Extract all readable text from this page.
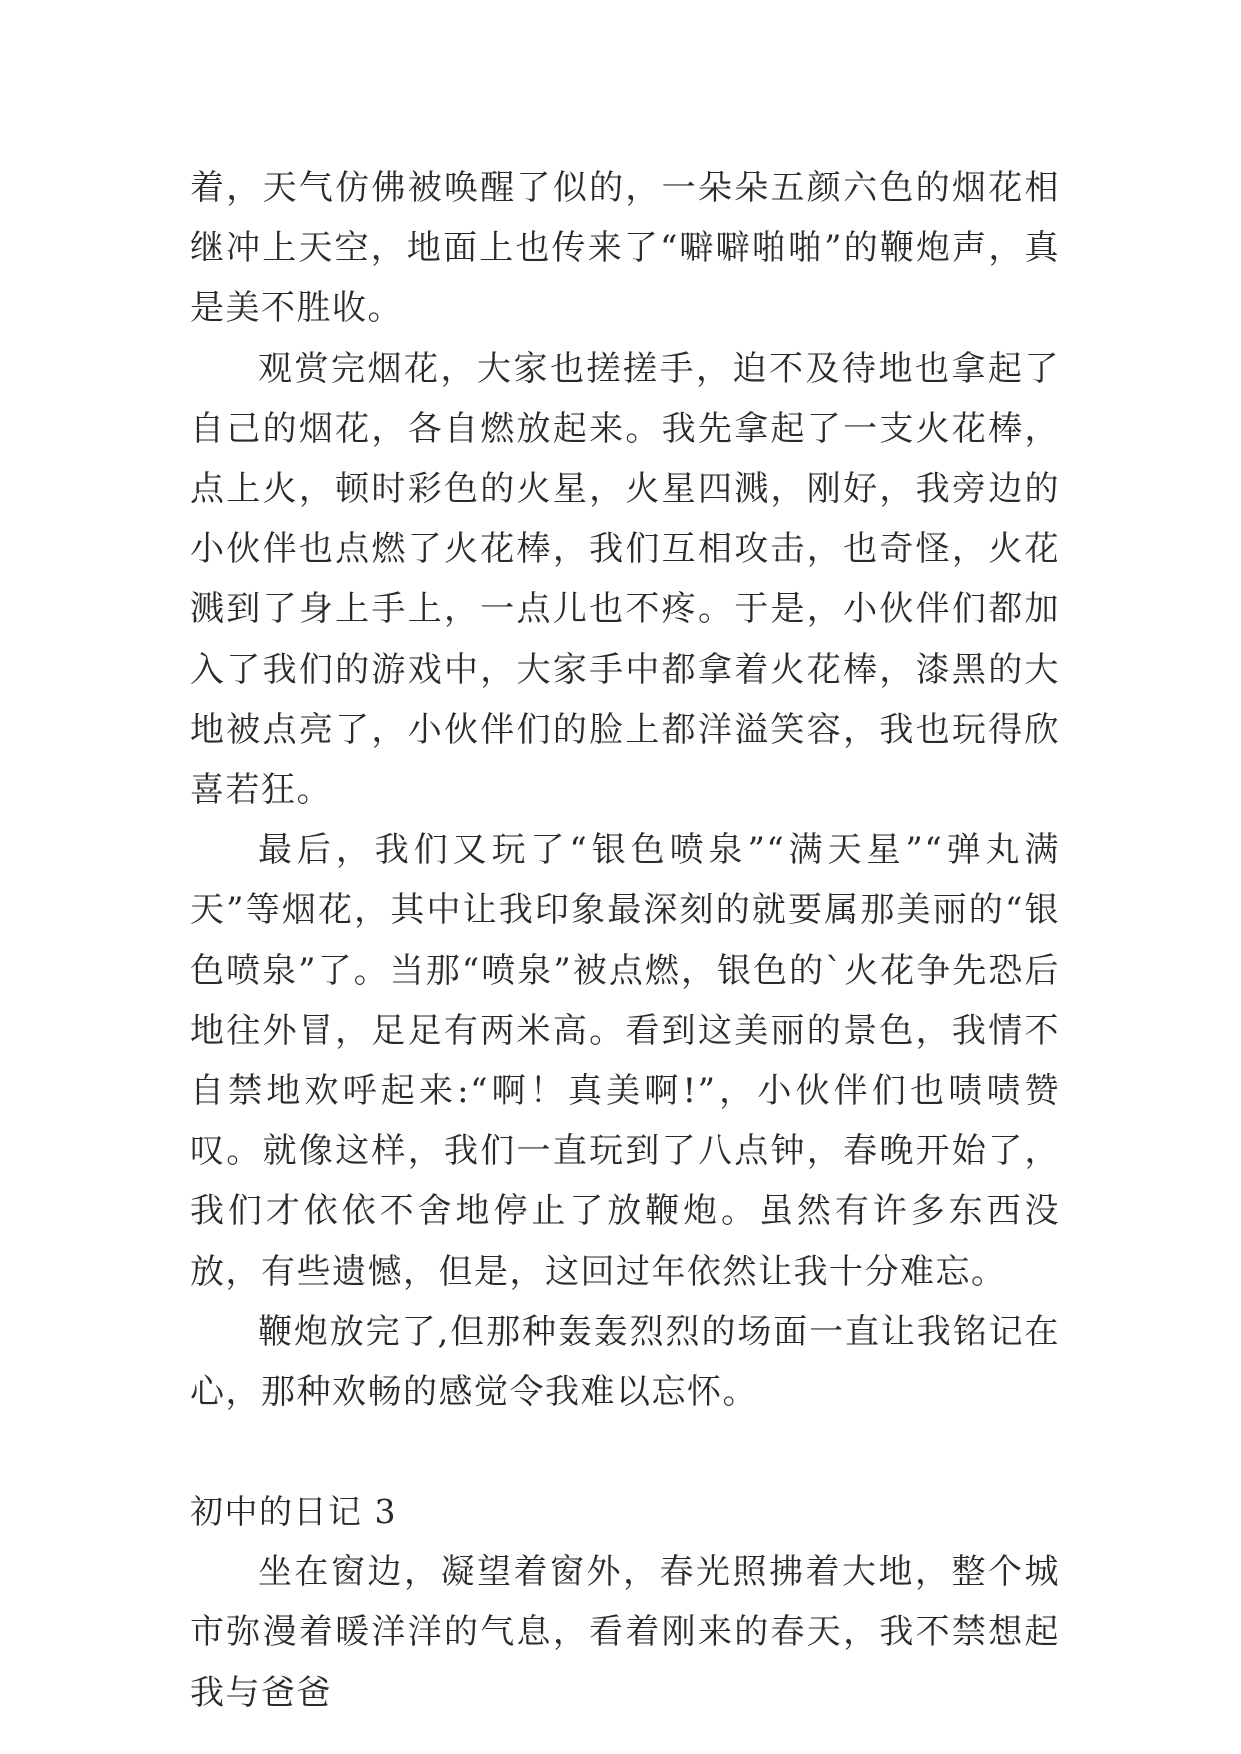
着，天气仿佛被唤醒了似的，一朵朵五颜六色的烟花相继冲上天空，地面上也传来了“噼噼啪啪”的鞭炮声，真是美不胜收。

观赏完烟花，大家也搓搓手，迫不及待地也拿起了自己的烟花，各自燃放起来。我先拿起了一支火花棒，点上火，顿时彩色的火星，火星四溅，刚好，我旁边的小伙伴也点燃了火花棒，我们互相攻击，也奇怪，火花溅到了身上手上，一点儿也不疼。于是，小伙伴们都加入了我们的游戏中，大家手中都拿着火花棒，漆黑的大地被点亮了，小伙伴们的脸上都洋溢笑容，我也玩得欣喜若狂。

最后，我们又玩了“银色喷泉”“满天星”“弹丸满天”等烟花，其中让我印象最深刻的就要属那美丽的“银色喷泉”了。当那“喷泉”被点燃，银色的`火花争先恐后地往外冒，足足有两米高。看到这美丽的景色，我情不自禁地欢呼起来:“啊！真美啊!”，小伙伴们也啧啧赞叹。就像这样，我们一直玩到了八点钟，春晚开始了，我们才依依不舍地停止了放鞭炮。虽然有许多东西没放，有些遗憾，但是，这回过年依然让我十分难忘。

鞭炮放完了,但那种轰轰烈烈的场面一直让我铭记在心，那种欢畅的感觉令我难以忘怀。

初中的日记 3

坐在窗边，凝望着窗外，春光照拂着大地，整个城市弥漫着暖洋洋的气息，看着刚来的春天，我不禁想起我与爸爸
